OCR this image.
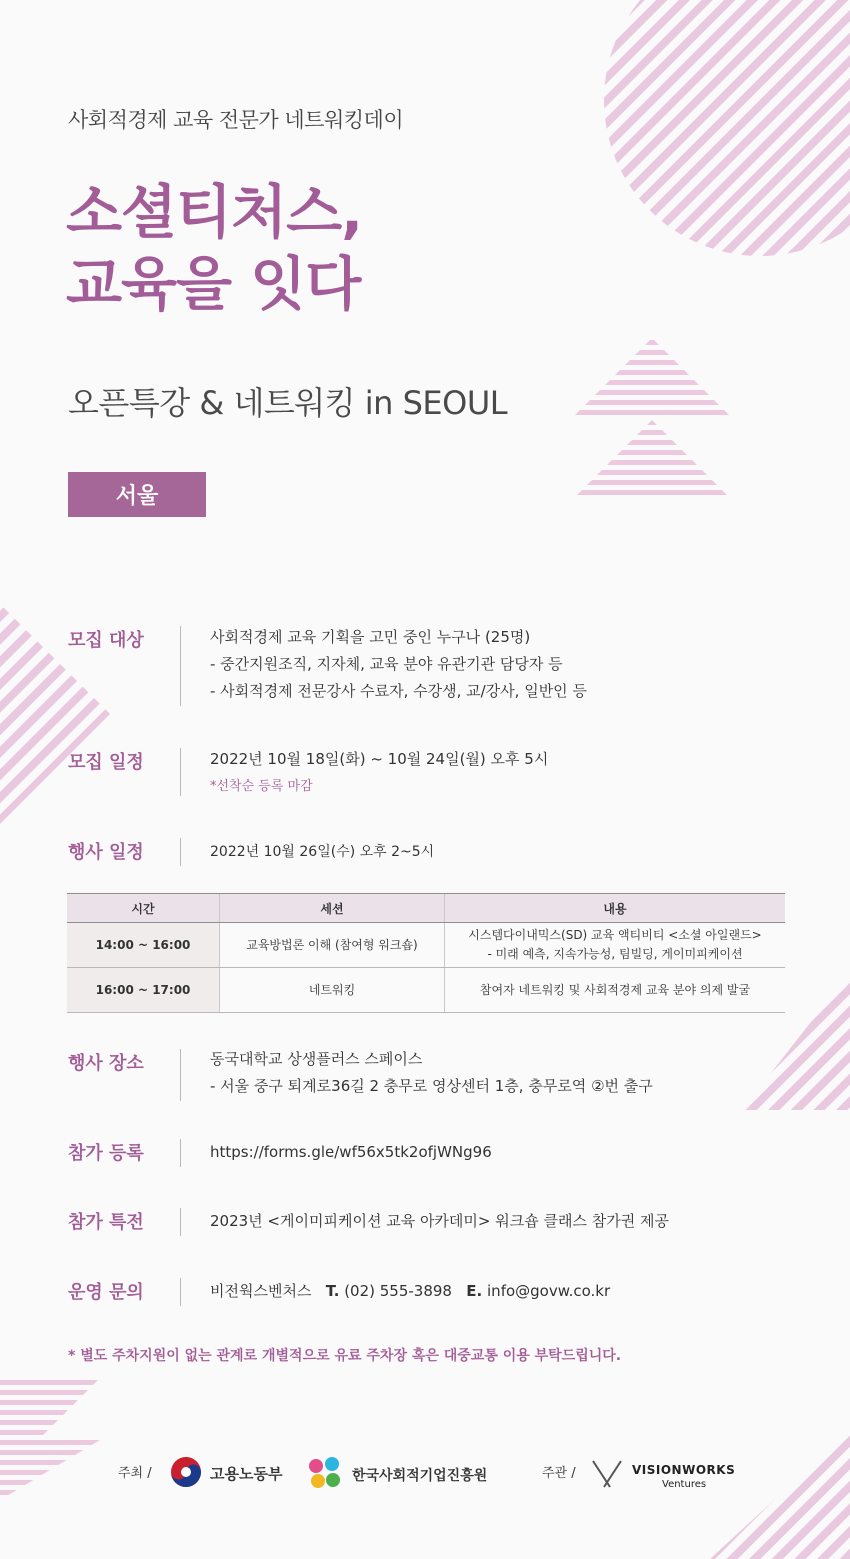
사회적경제 교육 전문가 네트워킹데이
소셜티처스,
교육을 잇다
오픈특강 & 네트워킹 in SEOUL
서울
모집 대상	사회적경제 교육 기획을 고민 중인 누구나 (25명)
- 중간지원조직, 지자체, 교육 분야 유관기관 담당자 등
- 사회적경제 전문강사 수료자, 수강생, 교/강사, 일반인 등
모집 일정	2022년 10월 18일(화) ~ 10월 24일(월) 오후 5시
*선착순 등록 마감
행사 일정	2022년 10월 26일(수) 오후 2~5시
시간	세션	내용
14:00 ~ 16:00	교육방법론 이해 (참여형 워크숍)	시스템다이내믹스(SD) 교육 액티비티 <소셜 아일랜드>
- 미래 예측, 지속가능성, 팀빌딩, 게이미피케이션

16:00 ~ 17:00	네트워킹	참여자 네트워킹 및 사회적경제 교육 분야 의제 발굴
행사 장소	동국대학교 상생플러스 스페이스
- 서울 중구 퇴계로36길 2 충무로 영상센터 1층, 충무로역 ②번 출구
참가 등록	https://forms.gle/wf56x5tk2ofjWNg96
참가 특전	2023년 <게이미피케이션 교육 아카데미> 워크숍 클래스 참가권 제공
운영 문의	비전웍스벤처스 T. (02) 555-3898 E. info@govw.co.kr
* 별도 주차지원이 없는 관계로 개별적으로 유료 주차장 혹은 대중교통 이용 부탁드립니다.
주최 /	고용노동부	한국사회적기업진흥원	주관 /	VISIONWORKS
Ventures
